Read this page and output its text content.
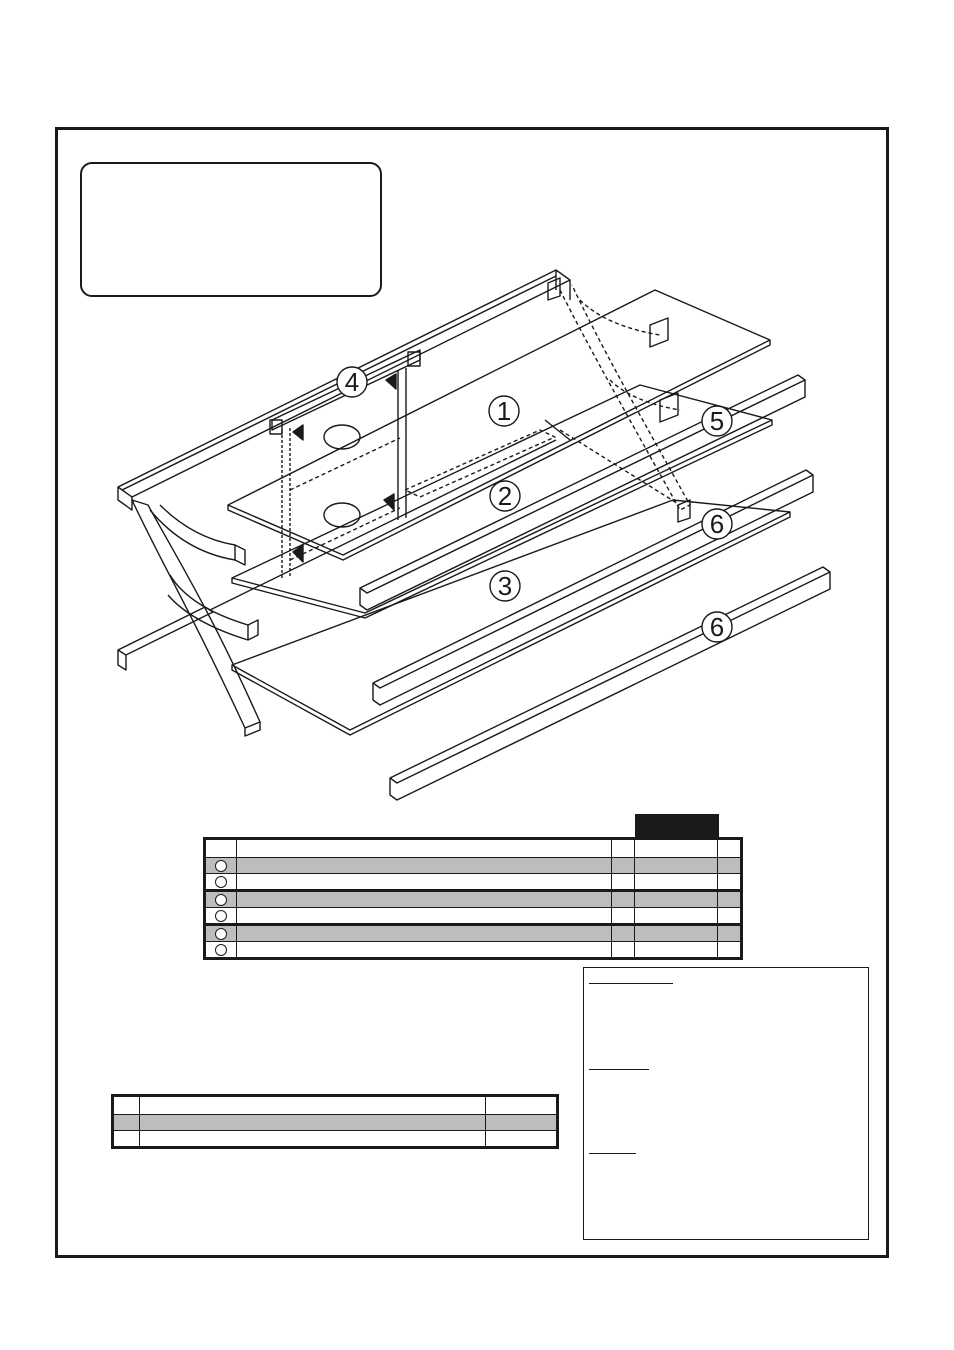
4
1	5
2
6
3
6
